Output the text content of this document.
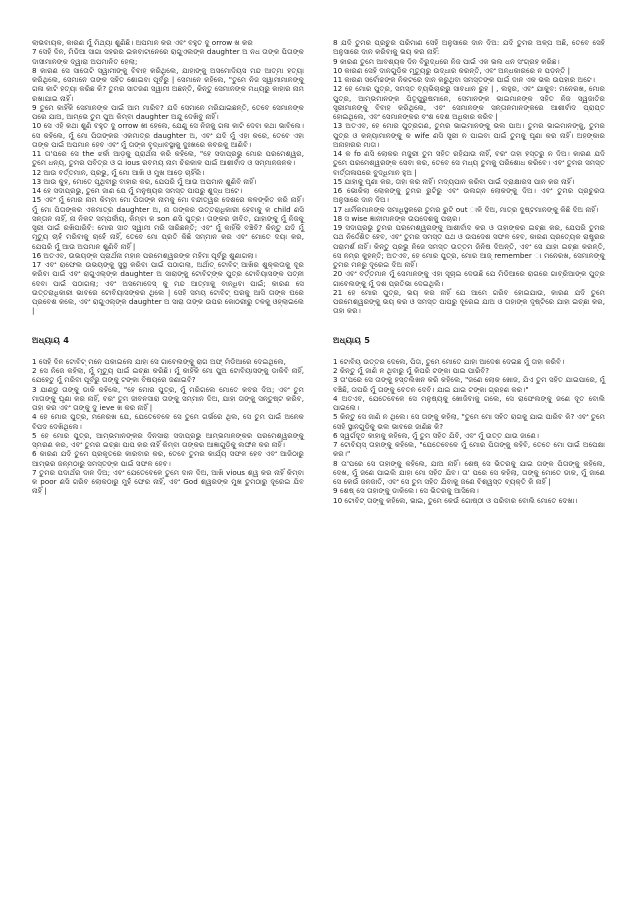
ଲାଭବାୟକ, କାରଣ ମୁଁ ମିଥ୍ୟା ଶୁଣିଛି। ଅପମାନ କର ଏବଂ ବହୁତ ଦୁ orrow ଖ କର

7 ସେହି ଦିନ, ମିଡିଆ ସାଗା ସହରର ଇକବାଟାନେରେ ରାଗୁଏଲଙ୍କ daughter ଅ ନଧ ତାଙ୍କ ପିତାଙ୍କ ଦାସୀମାନଙ୍କ ଦ୍ୱାରା ଅପମାନିତ ହେଲା;

8 କାରଣ ସେ ସାତୋଟି ସ୍ୱାମୀଙ୍କୁ ବିବାହ କରିଥିଲେ, ଯାହାଙ୍କୁ ଅସମୋଦିୟସ ମନ୍ଦ ଆତ୍ମା ହତ୍ୟା କରିଥିଲେ, ସେମାନେ ତାଙ୍କ ସହିତ ଶୋଇବା ପୂର୍ବରୁ | ସେମାନେ କହିଲେ, "ତୁମେ ନିଜ ସ୍ୱାମୀମାନଙ୍କୁ ଗଳା କାଟି ହତ୍ୟା କରିଛ କି? ତୁମର ସାତଜଣ ସ୍ୱାମୀ ଅଛନ୍ତି, କିନ୍ତୁ ସେମାନଙ୍କ ମଧ୍ୟରୁ କାହାର ନାମ ରଖାଯାଇ ନାହିଁ।

9 ତୁମେ କାହିଁକି ସେମାନଙ୍କ ପାଇଁ ଆମ ମାରିବ? ଯଦି ସେମାନେ ମରିଯାଇଛନ୍ତି, ତେବେ ସେମାନଙ୍କ ପରେ ଯାଅ, ଆମ୍ଭେ ତୁମ ପୁଅ କିମ୍ବା daughter ଅନ୍ଦୁ ଦେଖିବୁ ନାହିଁ।

10 ସେ ଏହି କଥା ଶୁଣି ବହୁତ ଦୁ orrow ଖୀ ହେଲେ, ଯେଣୁ ସେ ନିଜକୁ ଗଳା କାଟି ଦେବା କଥା ଭାବିଲେ। ସେ କହିଲେ, ମୁଁ ମୋ ପିତାଙ୍କର ଏକମାତ୍ର daughter ଅ, ଏବଂ ଯଦି ମୁଁ ଏହା କରେ, ତେବେ ଏହା ତାଙ୍କ ପାଇଁ ଅପମାନ ହେବ ଏବଂ ମୁଁ ତାଙ୍କ ବୃଦ୍ଧାବସ୍ଥାକୁ ଦୁଃଖରେ କବରକୁ ଆଣିବି।

11 ତା'ପରେ ସେ the ଝର୍କା ଆଡ଼କୁ ପ୍ରାର୍ଥନା କରି କହିଲେ, "ହେ ସଦାପ୍ରଭୁ ମୋର ପରମେଶ୍ୱର, ତୁମେ ଧନ୍ୟ, ତୁମର ପବିତ୍ର ଓ ଗ ious ରବମୟ ନାମ ଚିରକାଳ ପାଇଁ ଆଶୀର୍ବାଦ ଓ ସମ୍ମାନଜନକ।

12 ଆଉ ବର୍ତ୍ତମାନ, ପ୍ରଭୁ, ମୁଁ ମୋ ଆଖି ଓ ମୁଖ ଆଡ଼େ ଚାହିଁଲି।

13 ଆଉ କୁହ, ମୋତେ ପୃଥିବୀରୁ ବାହାର କର, ଯେପରି ମୁଁ ଆଉ ଅପମାନ ଶୁଣିବି ନାହିଁ।

14 ହେ ସଦାପ୍ରଭୁ, ତୁମେ ଜାଣ ଯେ ମୁଁ ମନୁଷ୍ୟର ସମସ୍ତ ପାପରୁ ଶୁଦ୍ଧ ଅଟେ।

15 ଏବଂ ମୁଁ ମୋର ନାମ କିମ୍ବା ମୋ ପିତାଙ୍କ ନାମକୁ ମୋ ବନ୍ଦୀତ୍ୱର ଦେଶରେ କଳଙ୍କିତ କରି ନାହିଁ। ମୁଁ ମୋ ପିତାଙ୍କର ଏକମାତ୍ର daughter ଅ, ନା ତାଙ୍କର ଉତ୍ତରାଧିକାରୀ ହେବାକୁ କ child ଣସି ସନ୍ତାନ ନାହିଁ, ନା ନିକଟ ସମ୍ପର୍କୀୟ, କିମ୍ବା କ son ଣସି ପୁତ୍ର। ତାଙ୍କର ଜୀବିତ, ଯାହାଙ୍କୁ ମୁଁ ନିଜକୁ ସ୍ତ୍ରୀ ପାଇଁ ରଖିପାରିବି: ମୋର ସାତ ସ୍ୱାମୀ ମରି ସାରିଛନ୍ତି; ଏବଂ ମୁଁ କାହିଁକି ବଞ୍ଚିବି? କିନ୍ତୁ ଯଦି ମୁଁ ମୃତ୍ୟୁ ଚାହଁ ମରିବାକୁ ଚାହେଁ ନାହିଁ, ତେବେ ମୋ ପ୍ରତି କିଛି ସମ୍ମାନ କର ଏବଂ ମୋତେ ଦୟା କର, ଯେପରି ମୁଁ ଆଉ ଅପମାନ ଶୁଣିବି ନାହିଁ |

16 ଅତଏବ, ଉଭୟଙ୍କ ପ୍ରାର୍ଥନା ମହାନ ପରମେଶ୍ୱରଙ୍କ ମହିମା ପୂର୍ବରୁ ଶୁଣାଗଲା।

17 ଏବଂ ରାଫେଲ ଉଭୟଙ୍କୁ ସୁସ୍ଥ କରିବା ପାଇଁ ପଠାଗଲା, ଅର୍ଥାତ୍ ଟୋବିଟ୍ ଆଖିର ଶୁକ୍ଲତାକୁ ଦୂର କରିବା ପାଇଁ ଏବଂ ରାଗୁଏଲ୍ଙ୍କ daughter ଅ ସାରାଙ୍କୁ ଟୋବିଟ୍ଙ୍କ ପୁତ୍ର ଟୋବିୟାସଙ୍କ ପତ୍ନୀ ଦେବା ପାଇଁ ପଠାଗଲା; ଏବଂ ଅସମୋଦେସ୍ କୁ ମନ୍ଦ ଆତ୍ମାକୁ ବାନ୍ଧିବା ପାଇଁ; କାରଣ ସେ ଉତ୍ତରାଧିକାରୀ ଭାବରେ ଟୋବିୟାସଙ୍କର ଥିଲେ | ସେହି ସମୟ ଟୋବିଟ୍ ଘରକୁ ଆସି ତାଙ୍କ ଘରେ ପ୍ରବେଶ କଲେ, ଏବଂ ରାଗୁଏଲ୍ଙ୍କ daughter ଅ ସାରା ତାଙ୍କ ଉପର କୋଠରୀରୁ ତଳକୁ ଓହ୍ଲାଇଲେ |

ଅଧ୍ୟାୟ 4

1 ସେହି ଦିନ ଟୋବିଟ୍ ମନେ ପକାଇଲେ ଯାହା ସେ ଗାବେଲଙ୍କୁ ରାଗ ଅଫ୍ ମିଡିଆରେ ଦେଇଥିଲେ,

2 ସେ ନିଜେ କହିଲା, ମୁଁ ମୃତ୍ୟୁ ପାଇଁ ଇଚ୍ଛା କରିଛି। ମୁଁ କାହିଁକି ମୋ ପୁଅ ଟୋବିୟାସଙ୍କୁ ଡାକିବି ନାହିଁ, ଯେହେତୁ ମୁଁ ମରିବା ପୂର୍ବରୁ ତାଙ୍କୁ ଟଙ୍କା ବିଷୟରେ ଜଣାଇବି?

3 ଯାଣ୍ଡୁ ତାଙ୍କୁ ଡାକି କହିଲେ, "ହେ ମୋର ପୁତ୍ର, ମୁଁ ମରିଗଲେ ମୋତେ କବର ଦିଅ; ଏବଂ ତୁମ ମାତାଙ୍କୁ ଘୃଣା କର ନାହିଁ, ବରଂ ତୁମ ଜୀବନସାରା ତାଙ୍କୁ ସମ୍ମାନ ଦିଅ, ଯାହା ତାଙ୍କୁ ସନ୍ତୁଷ୍ଟ କରିବ, ତାହା କର ଏବଂ ତାଙ୍କୁ ଦୁ ieve ଖ କର ନାହିଁ |

4 ହେ ମୋର ପୁତ୍ର, ମନେରଖ ଯେ, ଯେତେବେଳେ ସେ ତୁମେ ଗର୍ଭରେ ଥିଲ, ସେ ତୁମ ପାଇଁ ଅନେକ ବିପଦ ଦେଖିଥିଲେ।

5 ହେ ମୋର ପୁତ୍ର, ଆମ୍ଭମାନଙ୍କର ଦିନସାରା ସଦାପ୍ରଭୁ ଆମ୍ଭମାନଙ୍କର ପରମେଶ୍ୱରଙ୍କୁ ସ୍ମରଣ କର, ଏବଂ ତୁମର ଇଚ୍ଛା ପାପ କର ନାହିଁ କିମ୍ବା ତାଙ୍କର ଆଜ୍ଞାଗୁଡ଼ିକୁ ଲଙ୍ଘନ କର ନାହିଁ।

6 କାରଣ ଯଦି ତୁମେ ପ୍ରକୃତରେ କାରବାର କର, ତେବେ ତୁମର କାର୍ଯ୍ୟ ସଫଳ ହେବ ଏବଂ ଆଜିଠାରୁ ଆମ୍ଭର ଜନ୍ମଠାରୁ ସମସ୍ତଙ୍କ ପାଇଁ ସଫଳ ହେବ।

7 ତୁମର ପଦାର୍ଥର ଦାନ ଦିଅ; ଏବଂ ଯେତେବେଳେ ତୁମେ ଦାନ ଦିଅ, ଆଖି vious ଶ୍ୱ କର ନାହିଁ କିମ୍ବା କ poor ଣସି ଗରିବ ଲୋକଠାରୁ ମୁହଁ ଫେର ନାହିଁ, ଏବଂ God ଶ୍ୱରଙ୍କ ମୁଖ ତୁମଠାରୁ ଦୂରେଇ ଯିବ ନାହିଁ |

8 ଯଦି ତୁମର ପ୍ରଚୁର ପରିମାଣ ସେହି ଅନୁସାରେ ଦାନ ଦିଅ: ଯଦି ତୁମର ଅଳ୍ପ ଅଛି, ତେବେ ସେହି ଅନୁସାରେ ଦାନ କରିବାକୁ ଭୟ କର ନାହିଁ:

9 କାରଣ ତୁମେ ଆବଶ୍ୟକ ଦିନ ବିରୁଦ୍ଧରେ ନିଜ ପାଇଁ ଏକ ଭଲ ଧନ ସଂଗ୍ରହ କରିଛ।

10 କାରଣ ସେହି ଦାନଗୁଡ଼ିକ ମୃତ୍ୟୁରୁ ଉଦ୍ଧାର କରନ୍ତି, ଏବଂ ଅନ୍ଧକାରରେ ନ ପଡ଼ନ୍ତି |

11 କାରଣ ସର୍ବୋଚ୍ଚଙ୍କ ନିକଟରେ ଦାନ କରୁଥିବା ସମସ୍ତଙ୍କ ପାଇଁ ଦାନ ଏକ ଭଲ ଉପହାର ଅଟେ।

12 ହେ ମୋର ପୁତ୍ର, ସମସ୍ତ ବ୍ୟଭିଚାରରୁ ସାବଧାନ ରୁହ | , ଲହୁର, ଏବଂ ଯାକୁବ: ମନେରଖ, ମୋର ପୁତ୍ର, ଆମ୍ଭମାନଙ୍କ ପିତୃପୁରୁଷମାନେ, ସେମାନଙ୍କ ଭାଇମାନଙ୍କ ସହିତ ନିଜ ସ୍ୱଜାତିର ସ୍ତ୍ରୀମାନଙ୍କୁ ବିବାହ କରିଥିଲେ, ଏବଂ ସେମାନଙ୍କ ସନ୍ତାନମାନଙ୍କରେ ଆଶୀର୍ବାଦ ପ୍ରାପ୍ତ ହୋଇଥିଲେ, ଏବଂ ସେମାନଙ୍କର ବଂଶ ଦେଶ ଅଧିକାର କରିବ |

13 ଅତଏବ, ହେ ମୋର ପୁତ୍ରଗଣ, ତୁମର ଭାଇମାନଙ୍କୁ ଭଲ ପାଅ। ତୁମର ଭାଇମାନଙ୍କୁ, ତୁମର ପୁତ୍ର ଓ କନ୍ୟାମାନଙ୍କୁ କ wife ଣସି ସ୍ତ୍ରୀ ନ ପାଇବା ପାଇଁ ତୁମକୁ ଘୃଣା କର ନାହିଁ। ଅହଙ୍କାର ଅନାହାରର ମାତା।

14 କ fo ଣସି ଲୋକର ମଜୁରୀ ତୁମ ସହିତ ରହିଯାଉ ନାହିଁ, ବରଂ ତାହା ହସ୍ତରୁ ନ ଦିଅ। କାରଣ ଯଦି ତୁମେ ପରମେଶ୍ୱରଙ୍କ ସେବା କର, ତେବେ ସେ ମଧ୍ୟ ତୁମକୁ ପରିଶୋଧ କରିବେ। ଏବଂ ତୁମର ସମସ୍ତ ବାର୍ତ୍ତାଳାପରେ ବୁଦ୍ଧିମାନ ହୁଅ |

15 ଯାହାକୁ ଘୃଣା କର, ତାହା କର ନାହିଁ। ମଦ୍ୟପାନ କରିବା ପାଇଁ ଦ୍ରାକ୍ଷାରସ ପାନ କର ନାହିଁ।

16 ଭୋକିଲା ଲୋକଙ୍କୁ ତୁମର ରୁଟିରୁ ଏବଂ ଉଲଗ୍ନ ଲୋକଙ୍କୁ ଦିଅ। ଏବଂ ତୁମର ପ୍ରଚୁରତା ଅନୁସାରେ ଦାନ ଦିଅ।

17 ଧାର୍ମିକମାନଙ୍କ ସମାଧିସ୍ଥଳରେ ତୁମର ରୁଟି out ାଳି ଦିଅ, ମାତ୍ର ଦୁଷ୍ଟମାନଙ୍କୁ କିଛି ଦିଅ ନାହିଁ।

18 ସ wise ଜ୍ଞାନୀମାନଙ୍କ ଉପଦେଶକୁ ପଚାର।

19 ସଦାପ୍ରଭୁ ତୁମର ପରମେଶ୍ୱରଙ୍କୁ ଆଶୀର୍ବାଦ କର ଓ ତାହାଙ୍କର ଇଚ୍ଛା କର, ଯେପରି ତୁମର ପଥ ନିର୍ଦ୍ଦେଶିତ ହେବ, ଏବଂ ତୁମର ସମସ୍ତ ପଥ ଓ ଉପଦେଶ ସଫଳ ହେବ, କାରଣ ପ୍ରତ୍ୟେକ ରାଷ୍ଟ୍ରର ପରାମର୍ଶ ନାହିଁ। କିନ୍ତୁ ପ୍ରଭୁ ନିଜେ ସମସ୍ତ ଉତ୍ତମ ଜିନିଷ ଦିଅନ୍ତି, ଏବଂ ସେ ଯାହା ଇଚ୍ଛା କରନ୍ତି, ସେ ନମ୍ର କୁହନ୍ତି; ଅତଏବ, ହେ ମୋର ପୁତ୍ର, ମୋର ଆଜ୍ remember ା ମନେରଖ, ସେମାନଙ୍କୁ ତୁମର ମନରୁ ଦୂରେଇ ଦିଅ ନାହିଁ।

20 ଏବଂ ବର୍ତ୍ତମାନ ମୁଁ ସେମାନଙ୍କୁ ଏହା ସୂଚାଇ ଦେଉଛି ଯେ ମିଡିଆରେ ରାଗରେ ଗାବ୍ରିଆଙ୍କ ପୁତ୍ର ଗାବେଲଙ୍କୁ ମୁଁ ଦଶ ପ୍ରତିଭା ଦେଇଥିଲି।

21 ହେ ମୋର ପୁତ୍ର, ଭୟ କର ନାହିଁ ଯେ ଆମେ ଗରିବ ହୋଇଯାଉ, କାରଣ ଯଦି ତୁମେ ପରମେଶ୍ୱରଙ୍କୁ ଭୟ କର ଓ ସମସ୍ତ ପାପରୁ ଦୂରେଇ ଯାଅ ଓ ତାହାଙ୍କ ଦୃଷ୍ଟିରେ ଯାହା ଇଚ୍ଛା କର, ତାହା କର।

ଅଧ୍ୟାୟ 5

1 ଟୋବିୟ ଉତ୍ତର ଦେଲେ, ପିତା, ତୁମେ ମୋତେ ଯାହା ଆଦେଶ ଦେଇଛ ମୁଁ ତାହା କରିବି।

2 କିନ୍ତୁ ମୁଁ ଜାଣି ନ ଥିବାରୁ ମୁଁ କିପରି ଟଙ୍କା ପାଇ ପାରିବି?

3 ତା'ପରେ ସେ ତାଙ୍କୁ ହସ୍ତଲିଖନ କରି କହିଲେ, "ଜଣେ ଲୋକ ଖୋଜ, ଯିଏ ତୁମ ସହିତ ଯାଇପାରେ, ମୁଁ ବଞ୍ଚିଛି, ତାପରି ମୁଁ ତାଙ୍କୁ ବେତନ ଦେବି। ଯାଇ ଯାଇ ଟଙ୍କା ଗ୍ରହଣ କର।"

4 ଅତଏବ, ଯେତେବେଳେ ସେ ମନୁଷ୍ୟକୁ ଖୋଜିବାକୁ ଗଲେ, ସେ ରାଫେଲଙ୍କୁ ଜଣେ ଦୂତ ବୋଲି ପାଇଲେ।

5 କିନ୍ତୁ ସେ ଜାଣି ନ ଥିଲେ। ସେ ତାଙ୍କୁ କହିଲା, "ତୁମେ ମୋ ସହିତ ରାଗକୁ ଯାଇ ପାରିବ କି? ଏବଂ ତୁମେ ସେହି ସ୍ଥାନଗୁଡ଼ିକୁ ଭଲ ଭାବରେ ଜାଣିଛ କି?

6 ସ୍ୱର୍ଗଦୂତ କାହାକୁ କହିଲେ, ମୁଁ ତୁମ ସହିତ ଯିବି, ଏବଂ ମୁଁ ଉତ୍ତ ଯାଉ ଜାଣେ।

7 ଟୋବିୟସ୍ ତାହାଙ୍କୁ କହିଲେ, "ଯେତେବେଳେ ମୁଁ ମୋର ପିତାଙ୍କୁ କହିବି, ତେତେ ମୋ ପାଇଁ ଅପେକ୍ଷା କର।"

8 ତା'ପରେ ସେ ତାହାଙ୍କୁ କହିଲେ, ଯାଅ ନାହିଁ। ଶେଷ୍ ସେ ଭିତରକୁ ଯାଇ ତାଙ୍କ ପିତାଙ୍କୁ କହିଲେ, ଦେଖ, ମୁଁ ଜଣେ ପାଇଲି ଯାହା ମୋ ସହିତ ଯିବ। ତା' ପରେ ସେ କହିଲା, ତାଙ୍କୁ ମୋତେ ଡାକ, ମୁଁ ଜାଣେ ସେ କେଉଁ ଜନଜାତି, ଏବଂ ସେ ତୁମ ସହିତ ଯିବାକୁ ଜଣେ ବିଶ୍ୱସ୍ତ ବ୍ୟକ୍ତି କି ନାହିଁ |

9 ଶେଷ୍ ସେ ତାହାଙ୍କୁ ଡାକିଲେ। ସେ ଭିତରକୁ ଆସିଲେ।

10 ଟୋବିଟ୍ ତାଙ୍କୁ କହିଲେ, ଭାଇ, ତୁମେ କେଉଁ ଗୋଷ୍ଠୀ ଓ ପରିବାର ବୋଲି ମୋତେ ଦେଖା।
